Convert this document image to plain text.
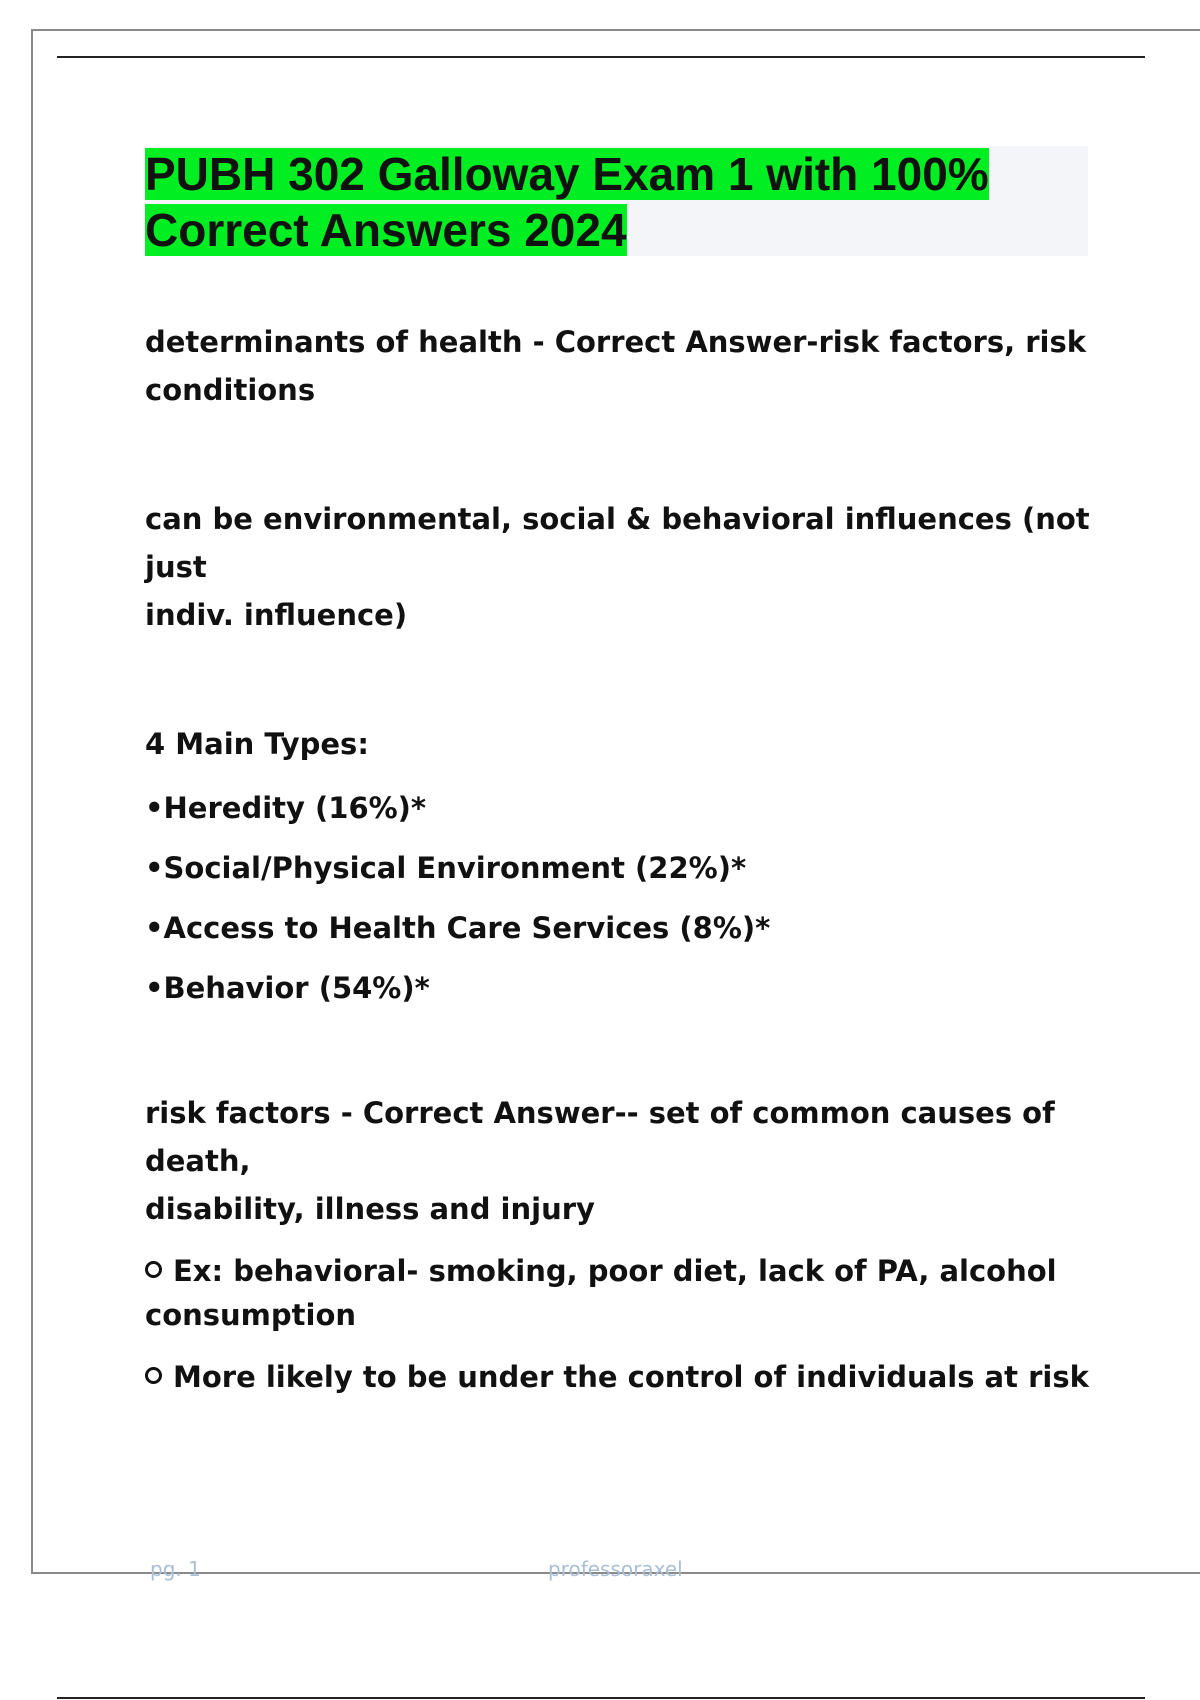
PUBH 302 Galloway Exam 1 with 100%
Correct Answers 2024

determinants of health - Correct Answer-risk factors, risk

conditions

can be environmental, social & behavioral influences (not just

indiv. influence)

4 Main Types:

•Heredity (16%)*

•Social/Physical Environment (22%)*

•Access to Health Care Services (8%)*

•Behavior (54%)*

risk factors - Correct Answer-- set of common causes of death,

disability, illness and injury

Ex: behavioral- smoking, poor diet, lack of PA, alcohol

consumption

More likely to be under the control of individuals at risk

pg. 1	professoraxel
